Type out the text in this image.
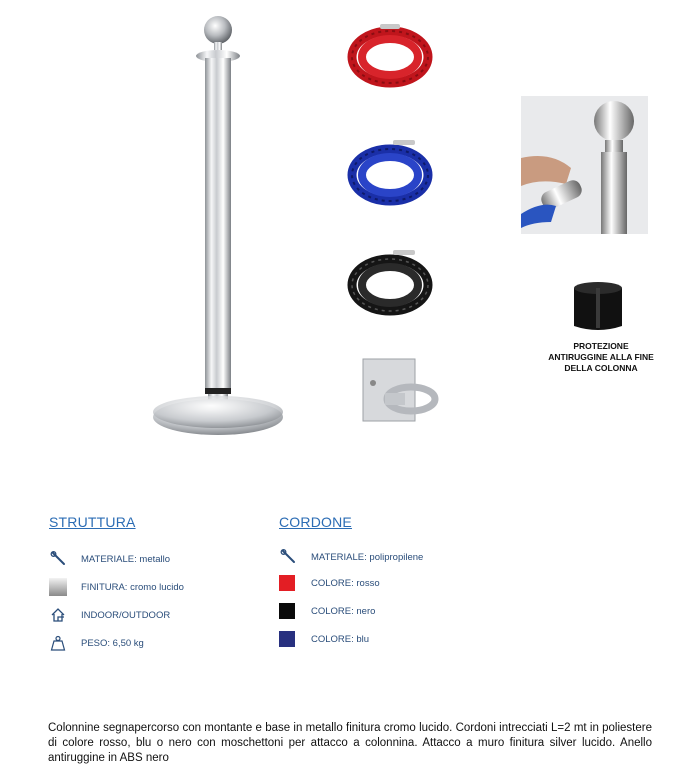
PROTEZIONE ANTIRUGGINE ALLA FINE DELLA COLONNA
STRUTTURA
MATERIALE: metallo
FINITURA: cromo lucido
INDOOR/OUTDOOR
PESO: 6,50 kg
CORDONE
MATERIALE: polipropilene
COLORE: rosso
COLORE: nero
COLORE: blu
Colonnine segnapercorso con montante e base in metallo finitura cromo lucido. Cordoni intrecciati L=2 mt in poliestere di colore rosso, blu o nero con moschettoni per attacco a colonnina. Attacco a muro finitura silver lucido. Anello antiruggine in ABS nero
